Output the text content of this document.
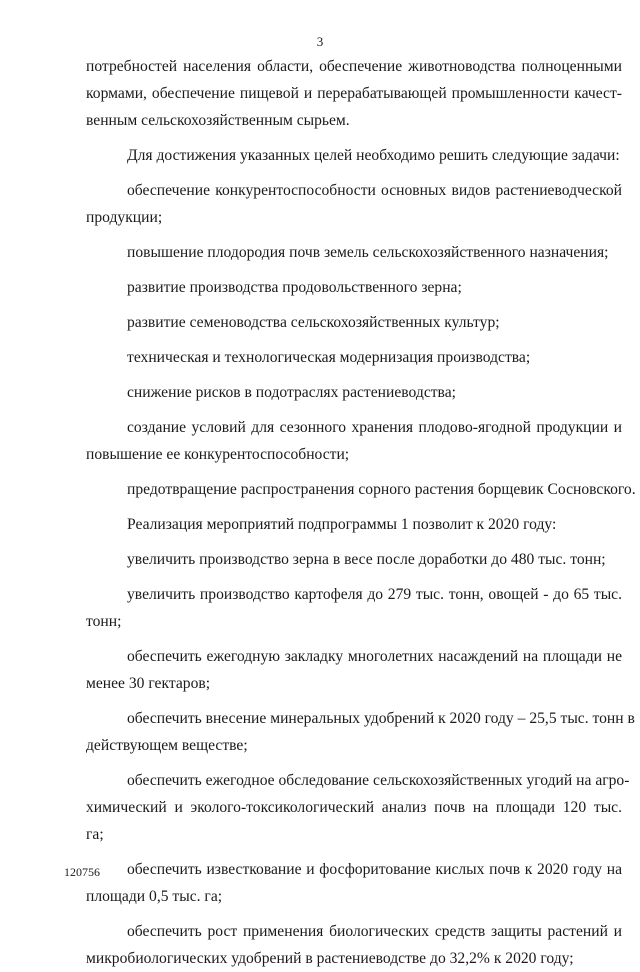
3
потребностей населения области, обеспечение животноводства полноценными
кормами, обеспечение пищевой и перерабатывающей промышленности качест-
венным сельскохозяйственным сырьем.
Для достижения указанных целей необходимо решить следующие задачи:
обеспечение конкурентоспособности основных видов растениеводческой
продукции;
повышение плодородия почв земель сельскохозяйственного назначения;
развитие производства продовольственного зерна;
развитие семеноводства сельскохозяйственных культур;
техническая и технологическая модернизация производства;
снижение рисков в подотраслях растениеводства;
создание условий для сезонного хранения плодово-ягодной продукции и
повышение ее конкурентоспособности;
предотвращение распространения сорного растения борщевик Сосновского.
Реализация мероприятий подпрограммы 1 позволит к 2020 году:
увеличить производство зерна в весе после доработки до 480 тыс. тонн;
увеличить производство картофеля до 279 тыс. тонн, овощей - до 65 тыс.
тонн;
обеспечить ежегодную закладку многолетних насаждений на площади не
менее 30 гектаров;
обеспечить внесение минеральных удобрений к 2020 году – 25,5 тыс. тонн в
действующем веществе;
обеспечить ежегодное обследование сельскохозяйственных угодий на агро-
химический и эколого-токсикологический анализ почв на площади 120 тыс.
га;
обеспечить известкование и фосфоритование кислых почв к 2020 году на
площади 0,5 тыс. га;
обеспечить рост применения биологических средств защиты растений и
микробиологических удобрений в растениеводстве до 32,2% к 2020 году;
120756
